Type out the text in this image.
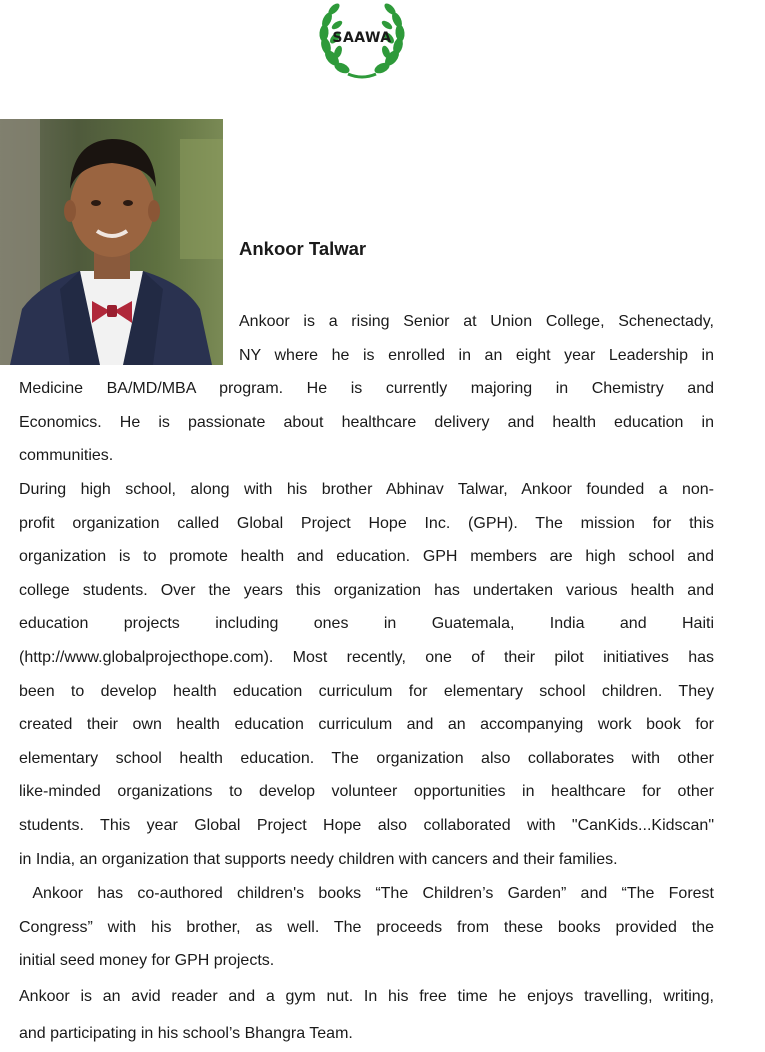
SAAWA
Ankoor Talwar
Ankoor is a rising Senior at Union College, Schenectady,
NY where he is enrolled in an eight year Leadership in
Medicine BA/MD/MBA program. He is currently majoring in Chemistry and
Economics. He is passionate about healthcare delivery and health education in
communities.
During high school, along with his brother Abhinav Talwar, Ankoor founded a non-
profit organization called Global Project Hope Inc. (GPH). The mission for this
organization is to promote health and education. GPH members are high school and
college students. Over the years this organization has undertaken various health and
education projects including ones in Guatemala, India and Haiti
(http://www.globalprojecthope.com). Most recently, one of their pilot initiatives has
been to develop health education curriculum for elementary school children. They
created their own health education curriculum and an accompanying work book for
elementary school health education. The organization also collaborates with other
like-minded organizations to develop volunteer opportunities in healthcare for other
students. This year Global Project Hope also collaborated with "CanKids...Kidscan"
in India, an organization that supports needy children with cancers and their families.
Ankoor has co-authored children's books “The Children’s Garden” and “The Forest
Congress” with his brother, as well. The proceeds from these books provided the
initial seed money for GPH projects.
Ankoor is an avid reader and a gym nut. In his free time he enjoys travelling, writing,
and participating in his school’s Bhangra Team.
